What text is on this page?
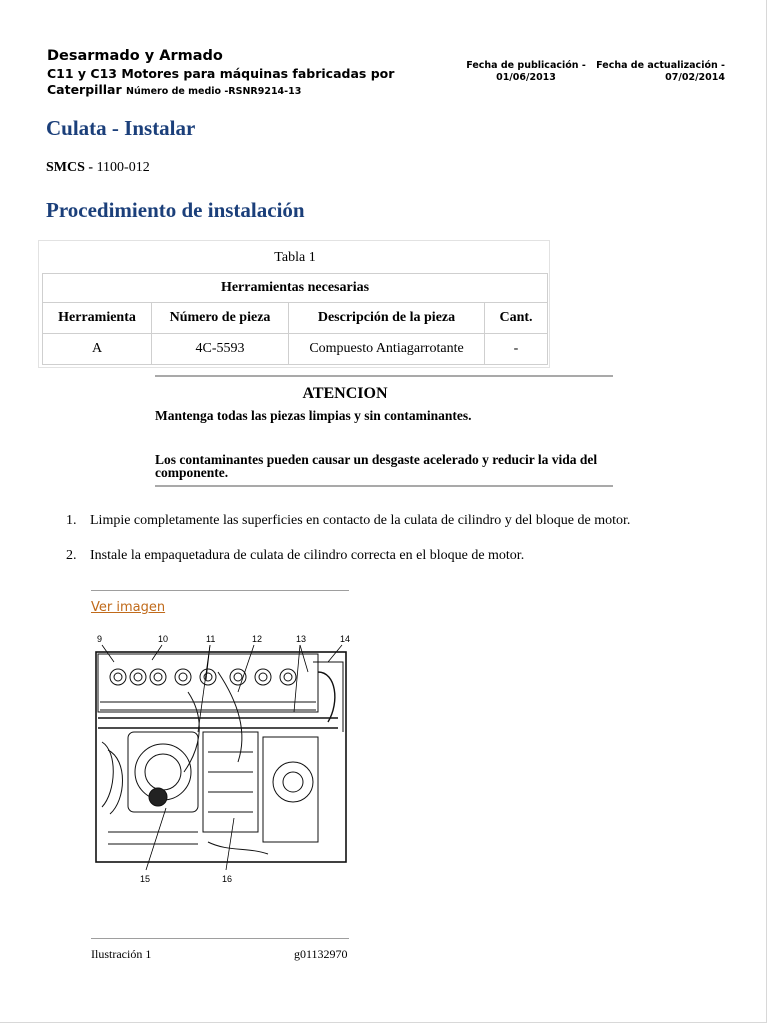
Desarmado y Armado
C11 y C13 Motores para máquinas fabricadas por Caterpillar Número de medio -RSNR9214-13
Fecha de publicación -
01/06/2013
Fecha de actualización -
07/02/2014
Culata - Instalar
SMCS - 1100-012
Procedimiento de instalación
Tabla 1			
Herramientas necesarias			
Herramienta	Número de pieza	Descripción de la pieza	Cant.
A	4C-5593	Compuesto Antiagarrotante	-
ATENCION
Mantenga todas las piezas limpias y sin contaminantes.
Los contaminantes pueden causar un desgaste acelerado y reducir la vida del componente.
1. Limpie completamente las superficies en contacto de la culata de cilindro y del bloque de motor.
2. Instale la empaquetadura de culata de cilindro correcta en el bloque de motor.
Ver imagen
9	10	11	12	13	14
15	16
Ilustración 1	g01132970
